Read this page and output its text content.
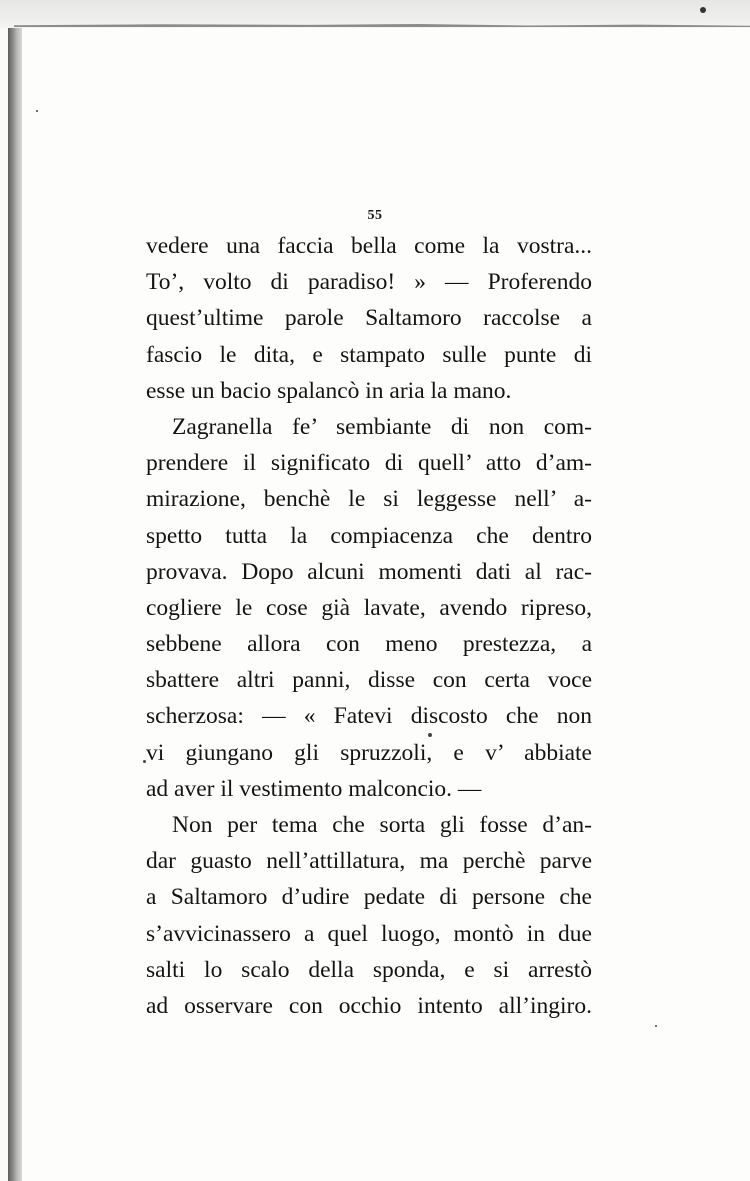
55
vedere una faccia bella come la vostra...
To’, volto di paradiso! » — Proferendo
quest’ultime parole Saltamoro raccolse a
fascio le dita, e stampato sulle punte di
esse un bacio spalancò in aria la mano.
Zagranella fe’ sembiante di non com-
prendere il significato di quell’ atto d’am-
mirazione, benchè le si leggesse nell’ a-
spetto tutta la compiacenza che dentro
provava. Dopo alcuni momenti dati al rac-
cogliere le cose già lavate, avendo ripreso,
sebbene allora con meno prestezza, a
sbattere altri panni, disse con certa voce
scherzosa: — « Fatevi discosto che non
vi giungano gli spruzzoli, e v’ abbiate
ad aver il vestimento malconcio. —
Non per tema che sorta gli fosse d’an-
dar guasto nell’attillatura, ma perchè parve
a Saltamoro d’udire pedate di persone che
s’avvicinassero a quel luogo, montò in due
salti lo scalo della sponda, e si arrestò
ad osservare con occhio intento all’ingiro.
